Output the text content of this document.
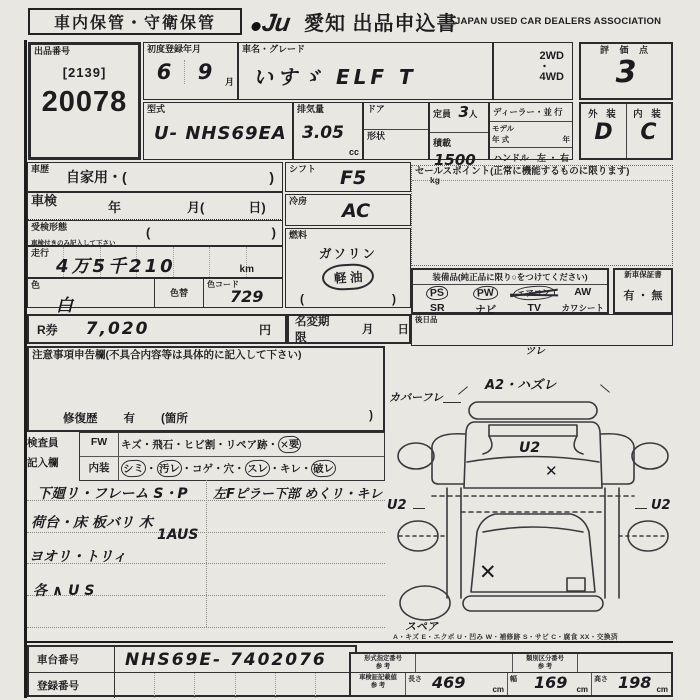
車内保管・守衛保管	Ju 愛知 出品申込書
JAPAN USED CAR DEALERS ASSOCIATION
出品番号
[2139]
20078
初度登録年月
6	9	月
車名・グレード
いすゞ ELF T
2WD
・
4WD
評 価 点
3
外 装	内 装
D	C
型式
U- NHS69EA
排気量
3.05
cc
ドア
形状
定員 3人
積載
1500 kg
ディーラー・並 行
モデル
年 式	年
ハンドル 左 ・ 右
車歴	自家用・(	)
車検	年	月(	日)
受検形態
車検付きのみ記入して下さい
(	)
走行
4万5千210	km
色
白
色替
色コード
729
シフト	F5
冷房	AC
燃料
ガソリン
軽 油
(	)
セールスポイント(正常に機能するものに限ります)
装備品(純正品に限り○をつけてください)
PS	PW	エアコン	AW
SR	ナビ	TV	カワシート
新車保証書
有 ・ 無
R券	7,020	円
名変期限
月 日
後日品
注意事項申告欄(不具合内容等は具体的に記入して下さい)
修復歴 有 (箇所	)
検査員
記入欄
FW	キズ・飛石・ヒビ割・リペア跡・ ✕要
内装	シミ ・ 汚レ ・コゲ・穴・ スレ ・キレ・ 破レ
下廻リ・フレーム S・P 左Fピラー下部 めくリ・キレ
荷台・床 板バリ 木
1AUS
ヨオリ・トリィ
各 ∧ U S
ツレ
A2・ハズレ
カバーフレ
U2
✕
U2	U2
✕
スペア
A・キズ E・エクボ U・凹み W・補修跡 S・サビ C・腐食 XX・交換済
車台番号	NHS69E- 7402076
登録番号
形式指定番号
参 考
類別区分番号
参 考
車検証記載値
参 考
長さ 469	cm
幅 169 cm
高さ 198 cm
